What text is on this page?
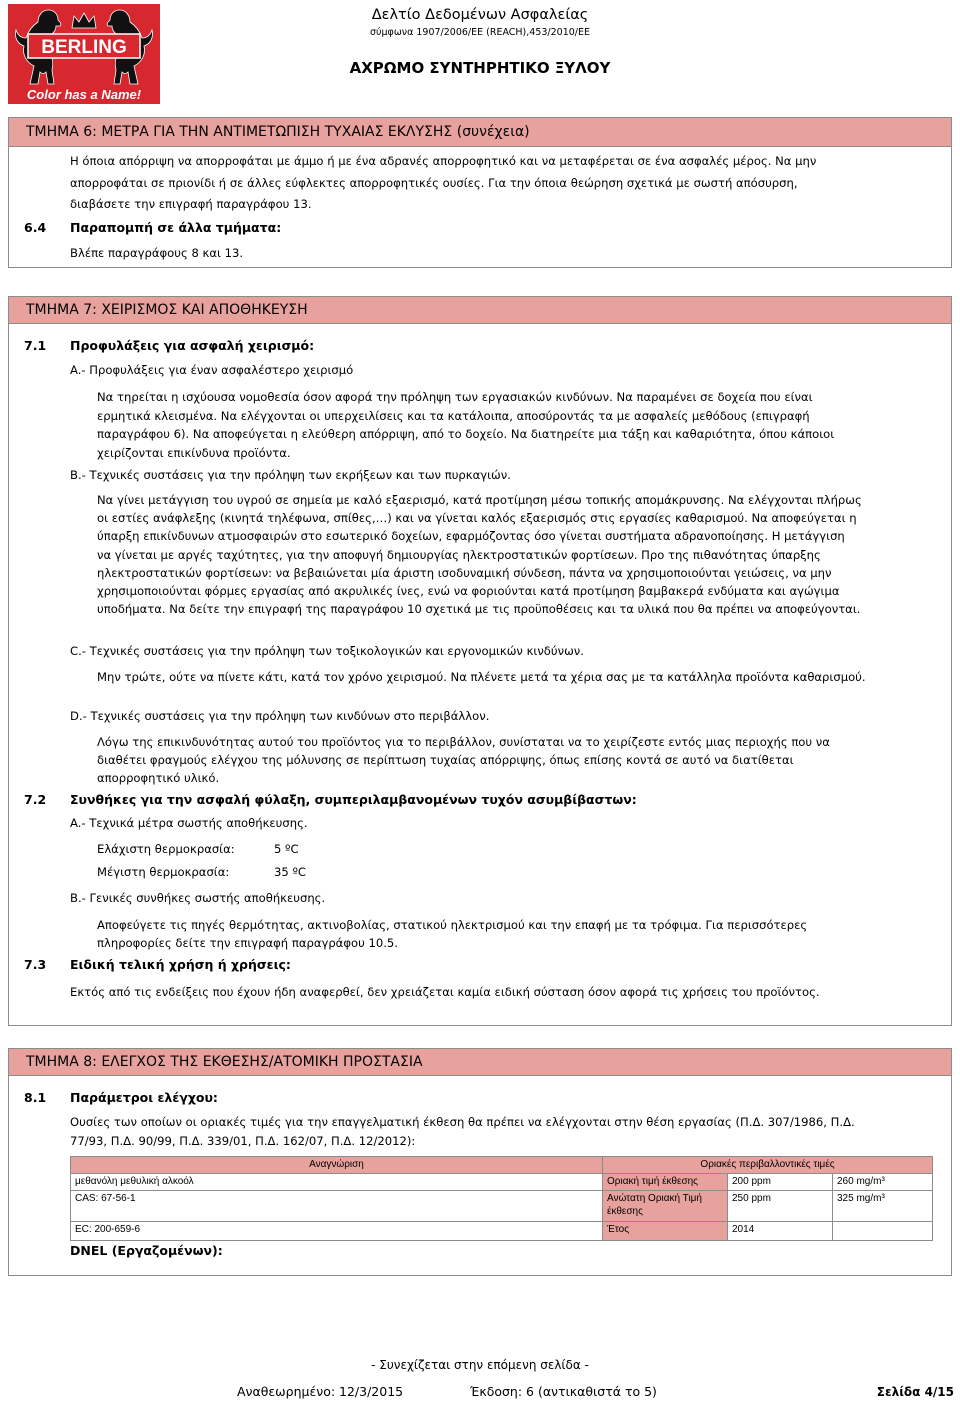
BERLING
Color has a Name!
Δελτίο Δεδομένων Ασφαλείας
σύμφωνα 1907/2006/ΕΕ (REACH),453/2010/ΕΕ
ΑΧΡΩΜΟ ΣΥΝΤΗΡΗΤΙΚΟ ΞΥΛΟΥ
ΤΜΗΜΑ 6: ΜΕΤΡΑ ΓΙΑ ΤΗΝ ΑΝΤΙΜΕΤΩΠΙΣΗ ΤΥΧΑΙΑΣ ΕΚΛΥΣΗΣ (συνέχεια)
Η όποια απόρριψη να απορροφάται με άμμο ή με ένα αδρανές απορροφητικό και να μεταφέρεται σε ένα ασφαλές μέρος. Να μην
απορροφάται σε πριονίδι ή σε άλλες εύφλεκτες απορροφητικές ουσίες. Για την όποια θεώρηση σχετικά με σωστή απόσυρση,
διαβάσετε την επιγραφή παραγράφου 13.
6.4 Παραπομπή σε άλλα τμήματα:
Βλέπε παραγράφους 8 και 13.
ΤΜΗΜΑ 7: ΧΕΙΡΙΣΜΟΣ ΚΑΙ ΑΠΟΘΗΚΕΥΣΗ
7.1 Προφυλάξεις για ασφαλή χειρισμό:
A.- Προφυλάξεις για έναν ασφαλέστερο χειρισμό
Να τηρείται η ισχύουσα νομοθεσία όσον αφορά την πρόληψη των εργασιακών κινδύνων. Να παραμένει σε δοχεία που είναι
ερμητικά κλεισμένα. Να ελέγχονται οι υπερχειλίσεις και τα κατάλοιπα, αποσύροντάς τα με ασφαλείς μεθόδους (επιγραφή
παραγράφου 6). Να αποφεύγεται η ελεύθερη απόρριψη, από το δοχείο. Να διατηρείτε μια τάξη και καθαριότητα, όπου κάποιοι
χειρίζονται επικίνδυνα προϊόντα.
B.- Τεχνικές συστάσεις για την πρόληψη των εκρήξεων και των πυρκαγιών.
Να γίνει μετάγγιση του υγρού σε σημεία με καλό εξαερισμό, κατά προτίμηση μέσω τοπικής απομάκρυνσης. Να ελέγχονται πλήρως
οι εστίες ανάφλεξης (κινητά τηλέφωνα, σπίθες,…) και να γίνεται καλός εξαερισμός στις εργασίες καθαρισμού. Να αποφεύγεται η
ύπαρξη επικίνδυνων ατμοσφαιρών στο εσωτερικό δοχείων, εφαρμόζοντας όσο γίνεται συστήματα αδρανοποίησης. Η μετάγγιση
να γίνεται με αργές ταχύτητες, για την αποφυγή δημιουργίας ηλεκτροστατικών φορτίσεων. Προ της πιθανότητας ύπαρξης
ηλεκτροστατικών φορτίσεων: να βεβαιώνεται μία άριστη ισοδυναμική σύνδεση, πάντα να χρησιμοποιούνται γειώσεις, να μην
χρησιμοποιούνται φόρμες εργασίας από ακρυλικές ίνες, ενώ να φοριούνται κατά προτίμηση βαμβακερά ενδύματα και αγώγιμα
υποδήματα. Να δείτε την επιγραφή της παραγράφου 10 σχετικά με τις προϋποθέσεις και τα υλικά που θα πρέπει να αποφεύγονται.
C.- Τεχνικές συστάσεις για την πρόληψη των τοξικολογικών και εργονομικών κινδύνων.
Μην τρώτε, ούτε να πίνετε κάτι, κατά τον χρόνο χειρισμού. Να πλένετε μετά τα χέρια σας με τα κατάλληλα προϊόντα καθαρισμού.
D.- Τεχνικές συστάσεις για την πρόληψη των κινδύνων στο περιβάλλον.
Λόγω της επικινδυνότητας αυτού του προϊόντος για το περιβάλλον, συνίσταται να το χειρίζεστε εντός μιας περιοχής που να
διαθέτει φραγμούς ελέγχου της μόλυνσης σε περίπτωση τυχαίας απόρριψης, όπως επίσης κοντά σε αυτό να διατίθεται
απορροφητικό υλικό.
7.2 Συνθήκες για την ασφαλή φύλαξη, συμπεριλαμβανομένων τυχόν ασυμβίβαστων:
A.- Τεχνικά μέτρα σωστής αποθήκευσης.
Ελάχιστη θερμοκρασία:	5 ºC
Μέγιστη θερμοκρασία:	35 ºC
B.- Γενικές συνθήκες σωστής αποθήκευσης.
Αποφεύγετε τις πηγές θερμότητας, ακτινοβολίας, στατικού ηλεκτρισμού και την επαφή με τα τρόφιμα. Για περισσότερες
πληροφορίες δείτε την επιγραφή παραγράφου 10.5.
7.3 Ειδική τελική χρήση ή χρήσεις:
Εκτός από τις ενδείξεις που έχουν ήδη αναφερθεί, δεν χρειάζεται καμία ειδική σύσταση όσον αφορά τις χρήσεις του προϊόντος.
ΤΜΗΜΑ 8: ΕΛΕΓΧΟΣ ΤΗΣ ΕΚΘΕΣΗΣ/ΑΤΟΜΙΚΗ ΠΡΟΣΤΑΣΙΑ
8.1 Παράμετροι ελέγχου:
Ουσίες των οποίων οι οριακές τιμές για την επαγγελματική έκθεση θα πρέπει να ελέγχονται στην θέση εργασίας (Π.Δ. 307/1986, Π.Δ.
77/93, Π.Δ. 90/99, Π.Δ. 339/01, Π.Δ. 162/07, Π.Δ. 12/2012):
Αναγνώριση	Οριακές περιβαλλοντικές τιμές		
μεθανόλη μεθυλική αλκοόλ	Οριακή τιμή έκθεσης	200 ppm	260 mg/m³
CAS: 67-56-1	Ανώτατη Οριακή Τιμή έκθεσης	250 ppm	325 mg/m³
EC: 200-659-6	Έτος	2014	
DNEL (Εργαζομένων):
- Συνεχίζεται στην επόμενη σελίδα -
Αναθεωρημένο: 12/3/2015	Έκδοση: 6 (αντικαθιστά το 5)	Σελίδα 4/15
